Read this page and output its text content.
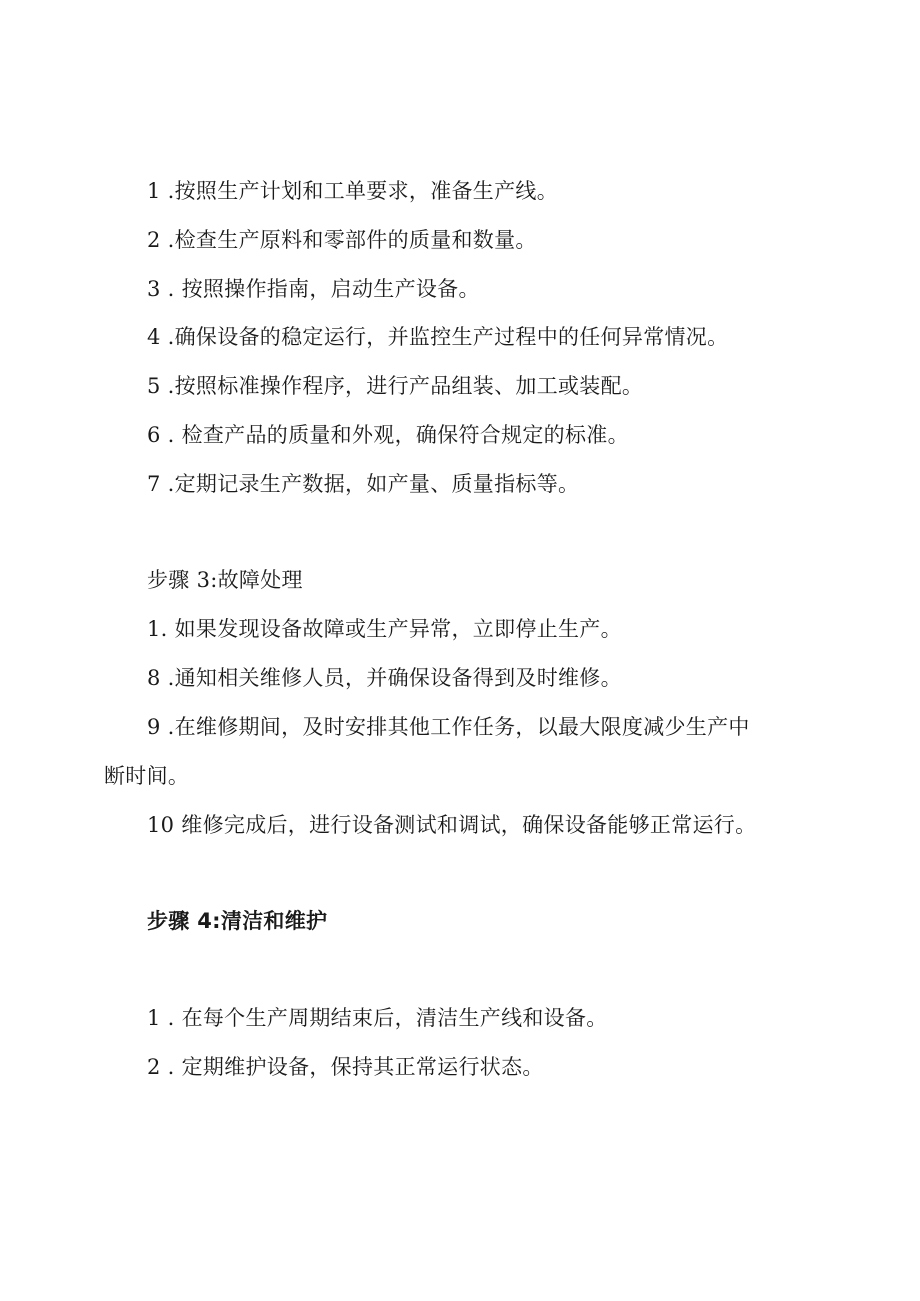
1 .按照生产计划和工单要求，准备生产线。
2 .检查生产原料和零部件的质量和数量。
3 . 按照操作指南，启动生产设备。
4 .确保设备的稳定运行，并监控生产过程中的任何异常情况。
5 .按照标准操作程序，进行产品组装、加工或装配。
6 . 检查产品的质量和外观，确保符合规定的标准。
7 .定期记录生产数据，如产量、质量指标等。
步骤 3:故障处理
1. 如果发现设备故障或生产异常，立即停止生产。
8 .通知相关维修人员，并确保设备得到及时维修。
9 .在维修期间，及时安排其他工作任务，以最大限度减少生产中
断时间。
10 维修完成后，进行设备测试和调试，确保设备能够正常运行。
步骤 4:清洁和维护
1 . 在每个生产周期结束后，清洁生产线和设备。
2 . 定期维护设备，保持其正常运行状态。
